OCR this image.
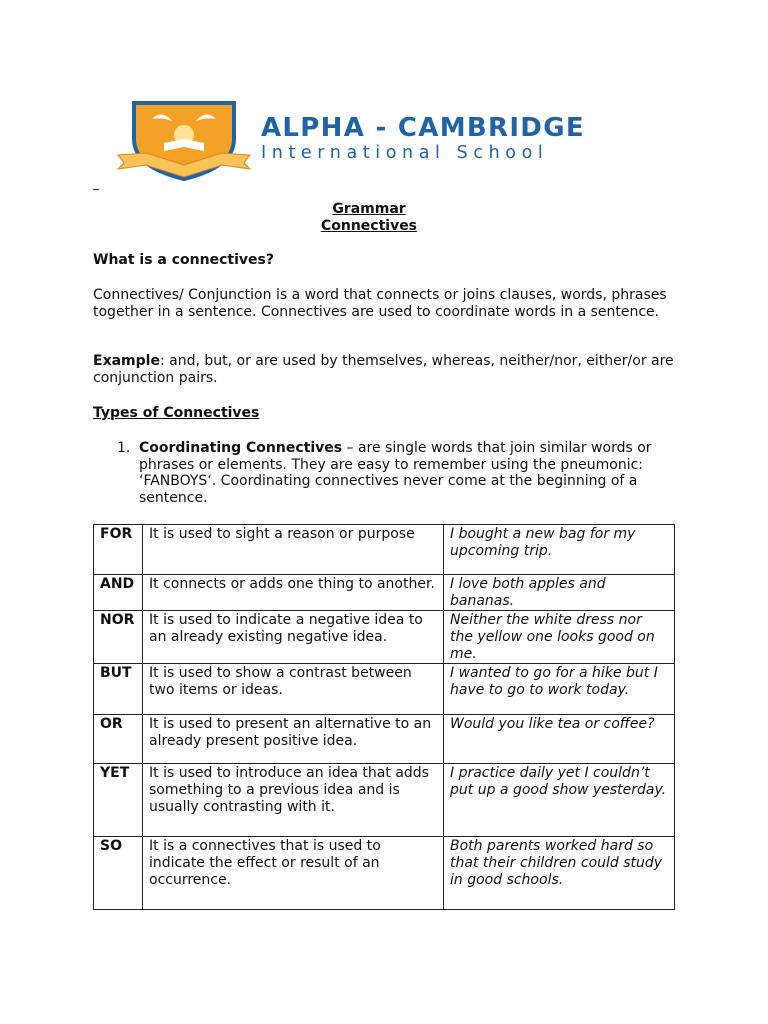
ALPHA - CAMBRIDGE
International School
_
Grammar
Connectives
What is a connectives?
Connectives/ Conjunction is a word that connects or joins clauses, words, phrases together in a sentence. Connectives are used to coordinate words in a sentence.
Example: and, but, or are used by themselves, whereas, neither/nor, either/or are conjunction pairs.
Types of Connectives
1. Coordinating Connectives – are single words that join similar words or phrases or elements. They are easy to remember using the pneumonic: ‘FANBOYS‘. Coordinating connectives never come at the beginning of a sentence.
FOR	It is used to sight a reason or purpose	I bought a new bag for my upcoming trip.
AND	It connects or adds one thing to another.	I love both apples and bananas.
NOR	It is used to indicate a negative idea to an already existing negative idea.	Neither the white dress nor the yellow one looks good on me.
BUT	It is used to show a contrast between two items or ideas.	I wanted to go for a hike but I have to go to work today.
OR	It is used to present an alternative to an already present positive idea.	Would you like tea or coffee?
YET	It is used to introduce an idea that adds something to a previous idea and is usually contrasting with it.	I practice daily yet I couldn’t put up a good show yesterday.
SO	It is a connectives that is used to indicate the effect or result of an occurrence.	Both parents worked hard so that their children could study in good schools.
